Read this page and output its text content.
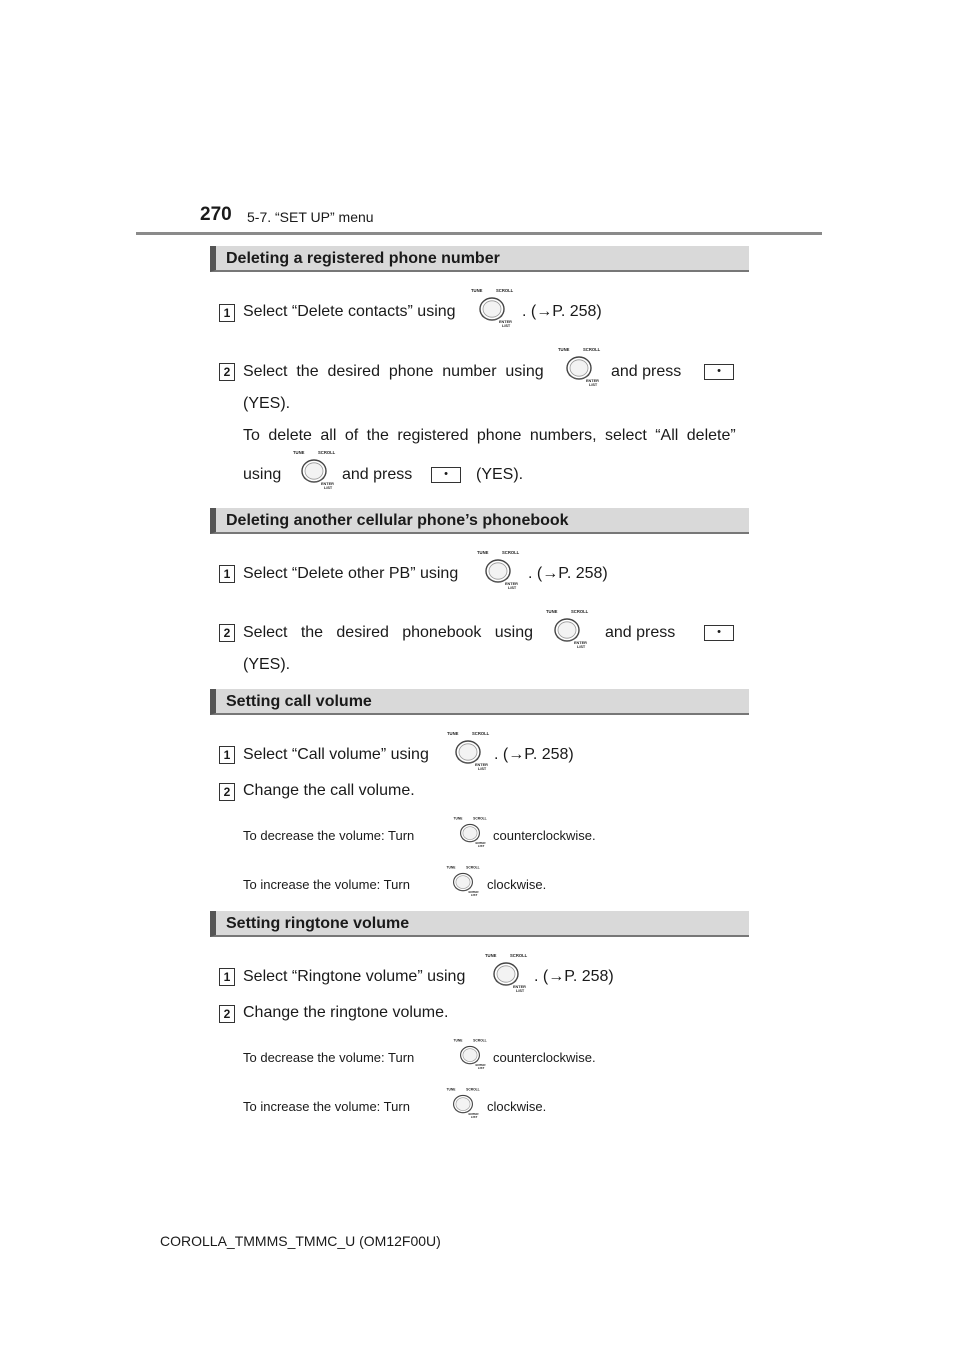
270 5-7. “SET UP” menu
Deleting a registered phone number
1 Select “Delete contacts” using
TUNE	SCROLL
ENTER
LIST
. (→P. 258)
2 Select the desired phone number using
TUNE	SCROLL
ENTER
LIST
and press	•
(YES).
To delete all of the registered phone numbers, select “All delete”
using
TUNE	SCROLL
ENTER
LIST
and press	•	(YES).
Deleting another cellular phone’s phonebook
1 Select “Delete other PB” using
TUNE	SCROLL
ENTER
LIST
. (→P. 258)
2 Select the desired phonebook using
TUNE	SCROLL
ENTER
LIST
and press	•
(YES).
Setting call volume
1 Select “Call volume” using
TUNE	SCROLL
ENTER
LIST
. (→P. 258)
2 Change the call volume.
To decrease the volume: Turn
TUNE	SCROLL
ENTER
LIST
counterclockwise.
To increase the volume: Turn
TUNE	SCROLL
ENTER
LIST
clockwise.
Setting ringtone volume
1 Select “Ringtone volume” using
TUNE	SCROLL
ENTER
LIST
. (→P. 258)
2 Change the ringtone volume.
To decrease the volume: Turn
TUNE	SCROLL
ENTER
LIST
counterclockwise.
To increase the volume: Turn
TUNE	SCROLL
ENTER
LIST
clockwise.
COROLLA_TMMMS_TMMC_U (OM12F00U)
